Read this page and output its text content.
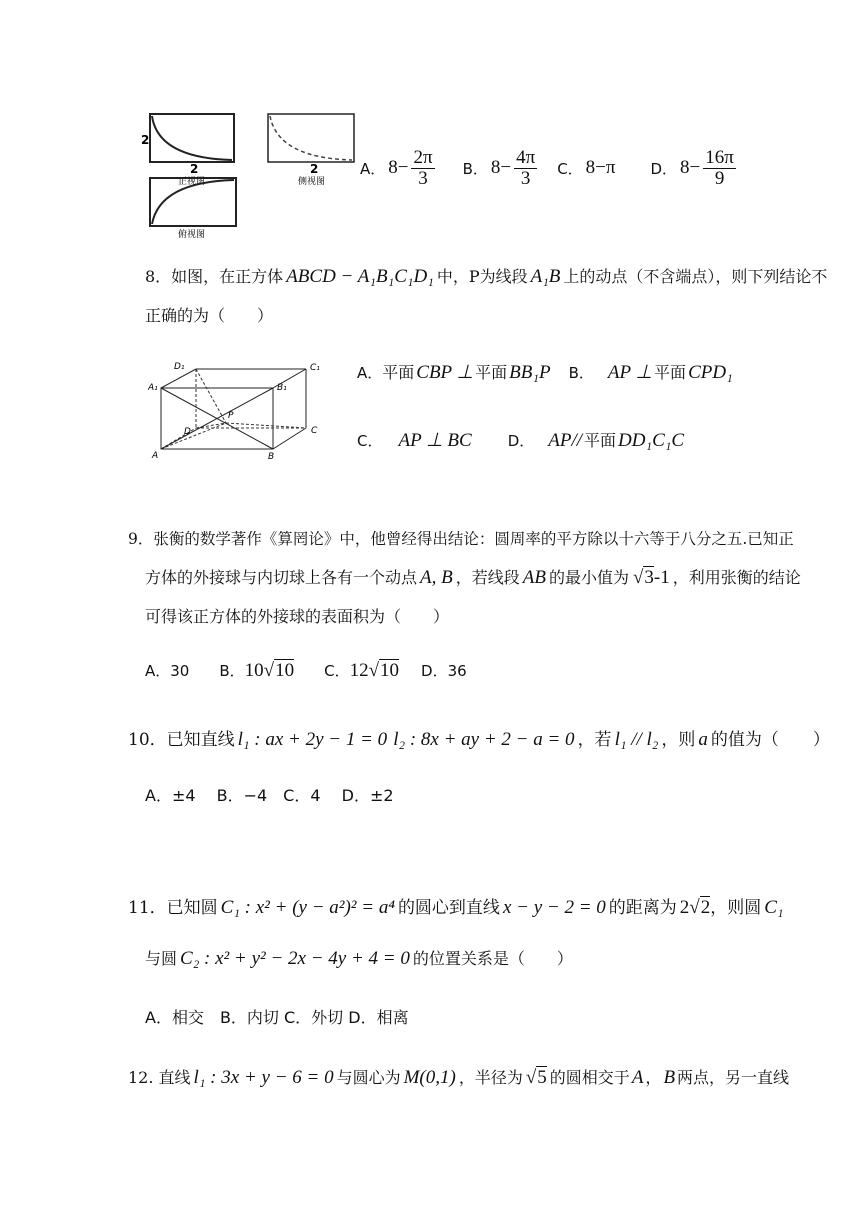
2
2
正视图
2
侧视图
俯视图
A． $8- \frac{2\pi}{3}$ B． $8- \frac{4\pi}{3}$ C． 8−π D． $8- \frac{16\pi}{9}$
8．如图，在正方体 ABCD − A₁B₁C₁D₁ 中，P为线段 A₁B 上的动点（不含端点），则下列结论不
正确的为（　　）
D₁	C₁
A₁	B₁
P
D	C
A	B
A． 平面 CBP ⊥ 平面 BB₁P B． AP ⊥ 平面 CPD₁
C． AP ⊥ BC D． AP// 平面 DD₁C₁C
9．张衡的数学著作《算罔论》中，他曾经得出结论：圆周率的平方除以十六等于八分之五.已知正
方体的外接球与内切球上各有一个动点 A, B ，若线段 AB 的最小值为 √3 -1 ，利用张衡的结论
可得该正方体的外接球的表面积为（　　）
A． 30 B． 10 √10 C． 12 √10 D． 36
10．已知直线 l₁ : ax + 2y − 1 = 0 l₂ : 8x + ay + 2 − a = 0 ，若 l₁ // l₂ ，则 a 的值为（　　）
A．±4　 B．−4　C．4　 D．±2
11．已知圆 C₁ : x² + (y − a²)² = a⁴ 的圆心到直线 x − y − 2 = 0 的距离为 2 √2 ，则圆 C₁
与圆 C₂ : x² + y² − 2x − 4y + 4 = 0 的位置关系是（　　）
A．相交　B．内切 C．外切 D．相离
12. 直线 l₁ : 3x + y − 6 = 0 与圆心为 M(0,1) ，半径为 √5 的圆相交于 A ， B 两点，另一直线
